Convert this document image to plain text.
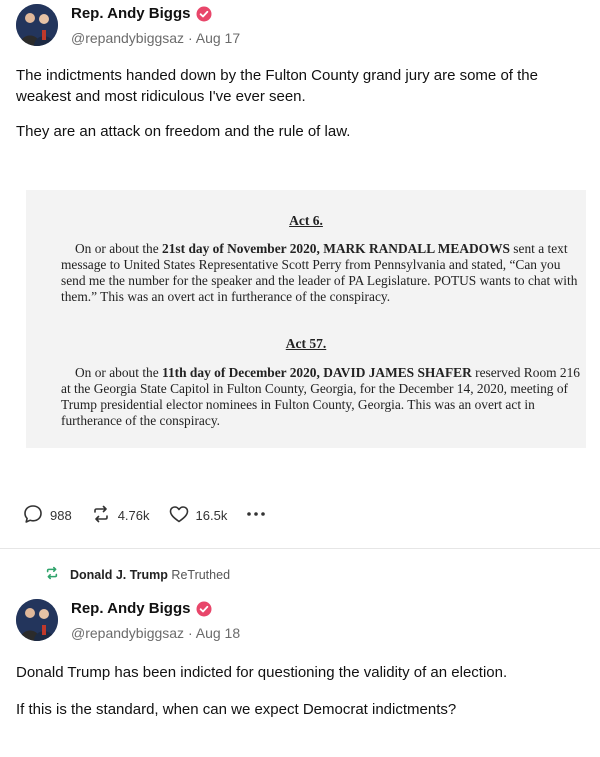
Rep. Andy Biggs
@repandybiggsaz · Aug 17

The indictments handed down by the Fulton County grand jury are some of the weakest and most ridiculous I've ever seen.

They are an attack on freedom and the rule of law.

Act 6.
On or about the 21st day of November 2020, MARK RANDALL MEADOWS sent a text message to United States Representative Scott Perry from Pennsylvania and stated, “Can you send me the number for the speaker and the leader of PA Legislature. POTUS wants to chat with them.” This was an overt act in furtherance of the conspiracy.
Act 57.
On or about the 11th day of December 2020, DAVID JAMES SHAFER reserved Room 216 at the Georgia State Capitol in Fulton County, Georgia, for the December 14, 2020, meeting of Trump presidential elector nominees in Fulton County, Georgia. This was an overt act in furtherance of the conspiracy.
988	4.76k	16.5k
Donald J. Trump ReTruthed
Rep. Andy Biggs
@repandybiggsaz · Aug 18

Donald Trump has been indicted for questioning the validity of an election.

If this is the standard, when can we expect Democrat indictments?
